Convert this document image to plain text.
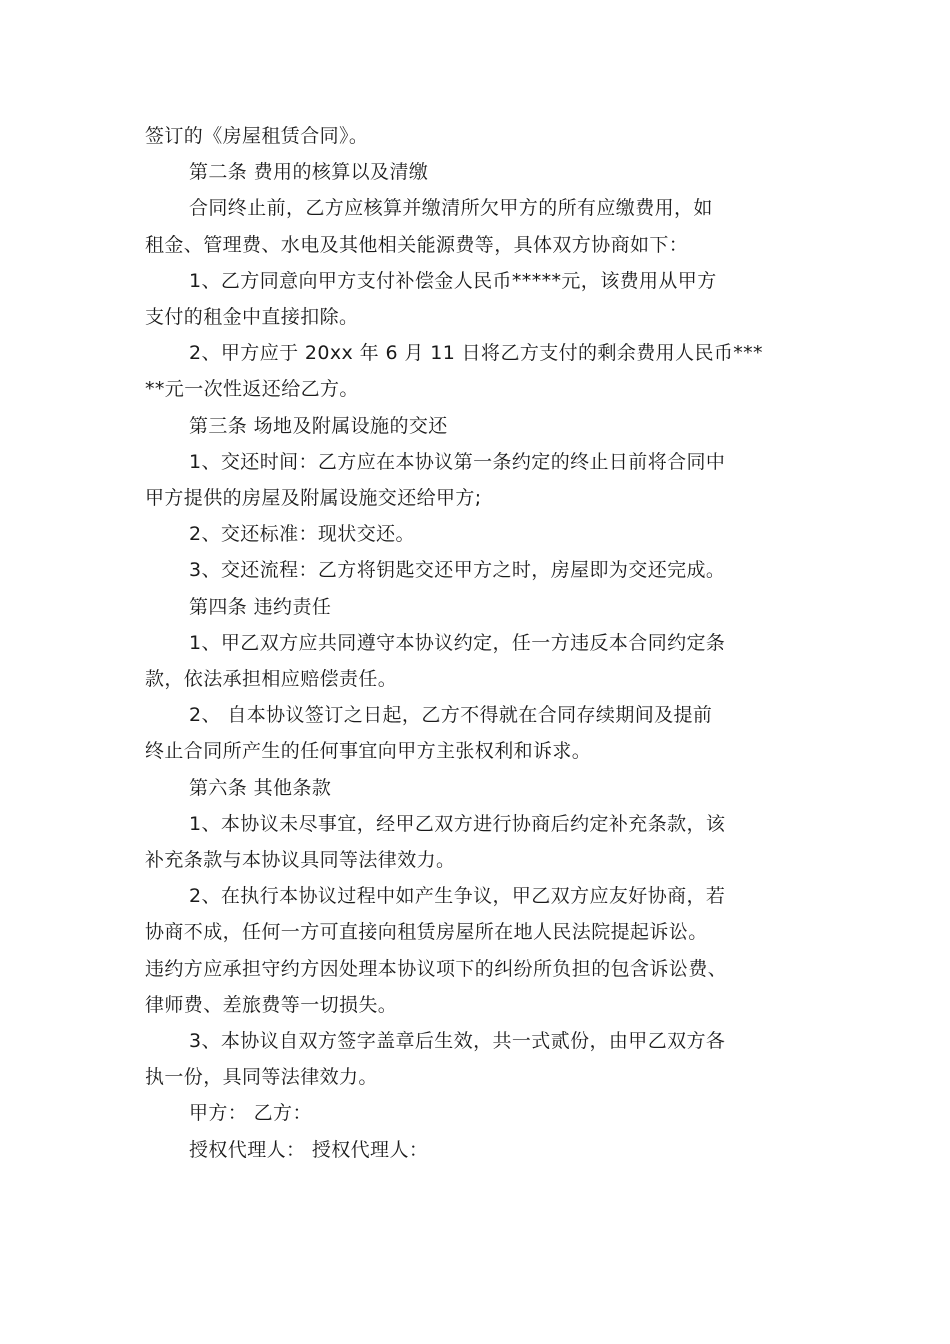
签订的《房屋租赁合同》。
第二条 费用的核算以及清缴
合同终止前，乙方应核算并缴清所欠甲方的所有应缴费用，如
租金、管理费、水电及其他相关能源费等，具体双方协商如下：
1、乙方同意向甲方支付补偿金人民币*****元，该费用从甲方
支付的租金中直接扣除。
2、甲方应于 20xx 年 6 月 11 日将乙方支付的剩余费用人民币***
**元一次性返还给乙方。
第三条 场地及附属设施的交还
1、交还时间：乙方应在本协议第一条约定的终止日前将合同中
甲方提供的房屋及附属设施交还给甲方;
2、交还标准：现状交还。
3、交还流程：乙方将钥匙交还甲方之时，房屋即为交还完成。
第四条 违约责任
1、甲乙双方应共同遵守本协议约定，任一方违反本合同约定条
款，依法承担相应赔偿责任。
2、 自本协议签订之日起，乙方不得就在合同存续期间及提前
终止合同所产生的任何事宜向甲方主张权利和诉求。
第六条 其他条款
1、本协议未尽事宜，经甲乙双方进行协商后约定补充条款，该
补充条款与本协议具同等法律效力。
2、在执行本协议过程中如产生争议，甲乙双方应友好协商，若
协商不成，任何一方可直接向租赁房屋所在地人民法院提起诉讼。
违约方应承担守约方因处理本协议项下的纠纷所负担的包含诉讼费、
律师费、差旅费等一切损失。
3、本协议自双方签字盖章后生效，共一式贰份，由甲乙双方各
执一份，具同等法律效力。
甲方： 乙方：
授权代理人： 授权代理人：
